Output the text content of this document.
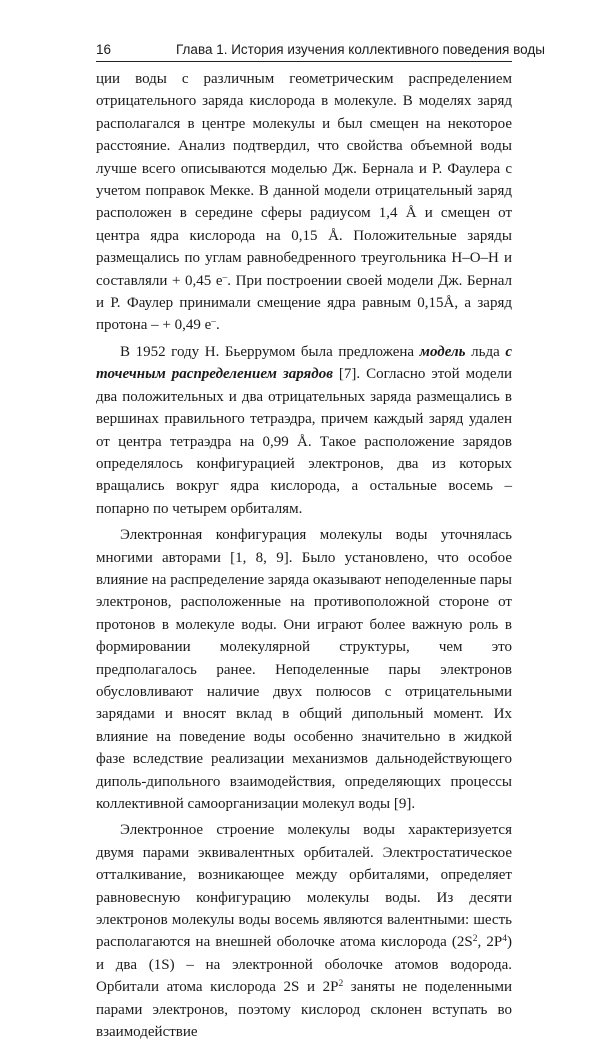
16	Глава 1. История изучения коллективного поведения воды

ции воды с различным геометрическим распределением отрицательного заряда кислорода в молекуле. В моделях заряд располагался в центре молекулы и был смещен на некоторое расстояние. Анализ подтвердил, что свойства объемной воды лучше всего описываются моделью Дж. Бернала и Р. Фаулера с учетом поправок Мекке. В данной модели отрицательный заряд расположен в середине сферы радиусом 1,4 Å и смещен от центра ядра кислорода на 0,15 Å. Положительные заряды размещались по углам равнобедренного треугольника H–O–H и составляли + 0,45 e–. При построении своей модели Дж. Бернал и Р. Фаулер принимали смещение ядра равным 0,15Å, а заряд протона – + 0,49 e–.

В 1952 году Н. Бьеррумом была предложена модель льда с точечным распределением зарядов [7]. Согласно этой модели два положительных и два отрицательных заряда размещались в вершинах правильного тетраэдра, причем каждый заряд удален от центра тетраэдра на 0,99 Å. Такое расположение зарядов определялось конфигурацией электронов, два из которых вращались вокруг ядра кислорода, а остальные восемь – попарно по четырем орбиталям.

Электронная конфигурация молекулы воды уточнялась многими авторами [1, 8, 9]. Было установлено, что особое влияние на распределение заряда оказывают неподеленные пары электронов, расположенные на противоположной стороне от протонов в молекуле воды. Они играют более важную роль в формировании молекулярной структуры, чем это предполагалось ранее. Неподеленные пары электронов обусловливают наличие двух полюсов с отрицательными зарядами и вносят вклад в общий дипольный момент. Их влияние на поведение воды особенно значительно в жидкой фазе вследствие реализации механизмов дальнодействующего диполь-дипольного взаимодействия, определяющих процессы коллективной самоорганизации молекул воды [9].

Электронное строение молекулы воды характеризуется двумя парами эквивалентных орбиталей. Электростатическое отталкивание, возникающее между орбиталями, определяет равновесную конфигурацию молекулы воды. Из десяти электронов молекулы воды восемь являются валентными: шесть располагаются на внешней оболочке атома кислорода ($2S^2$, $2P^4$) и два (1S) – на электронной оболочке атомов водорода. Орбитали атома кислорода 2S и $2P^2$ заняты не поделенными парами электронов, поэтому кислород склонен вступать во взаимодействие
